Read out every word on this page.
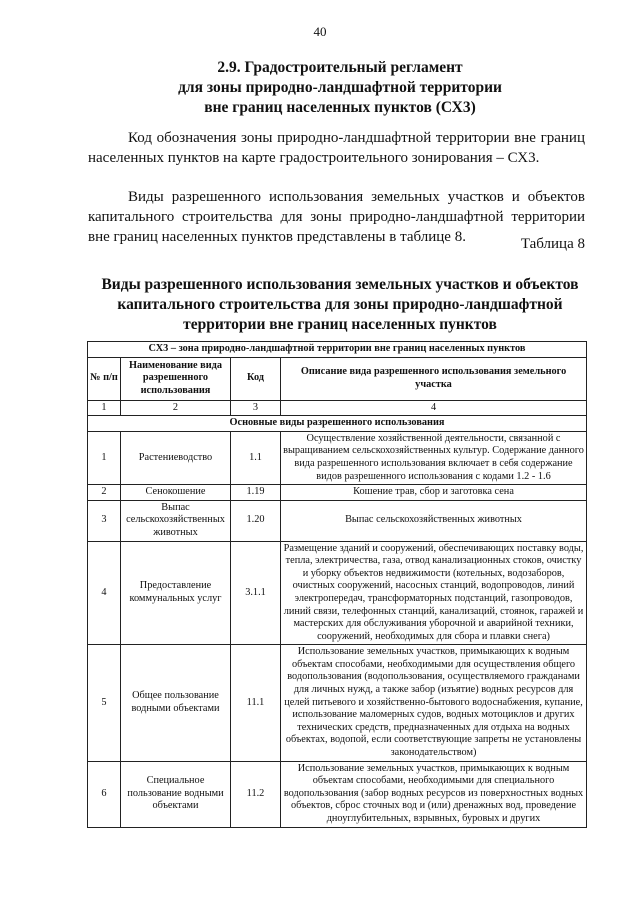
40
2.9. Градостроительный регламент
для зоны природно-ландшафтной территории
вне границ населенных пунктов (СХ3)
Код обозначения зоны природно-ландшафтной территории вне границ населенных пунктов на карте градостроительного зонирования – СХ3.
Виды разрешенного использования земельных участков и объектов капитального строительства для зоны природно-ландшафтной территории вне границ населенных пунктов представлены в таблице 8.	Таблица 8
Виды разрешенного использования земельных участков и объектов
капитального строительства для зоны природно-ландшафтной
территории вне границ населенных пунктов
СХ3 – зона природно-ландшафтной территории вне границ населенных пунктов			
№ п/п	Наименование вида разрешенного использования	Код	Описание вида разрешенного использования земельного участка
1	2	3	4
Основные виды разрешенного использования			
1	Растениеводство	1.1	Осуществление хозяйственной деятельности, связанной с выращиванием сельскохозяйственных культур. Содержание данного вида разрешенного использования включает в себя содержание видов разрешенного использования с кодами 1.2 - 1.6
2	Сенокошение	1.19	Кошение трав, сбор и заготовка сена
3	Выпас сельскохозяйственных животных	1.20	Выпас сельскохозяйственных животных
4	Предоставление коммунальных услуг	3.1.1	Размещение зданий и сооружений, обеспечивающих поставку воды, тепла, электричества, газа, отвод канализационных стоков, очистку и уборку объектов недвижимости (котельных, водозаборов, очистных сооружений, насосных станций, водопроводов, линий электропередач, трансформаторных подстанций, газопроводов, линий связи, телефонных станций, канализаций, стоянок, гаражей и мастерских для обслуживания уборочной и аварийной техники, сооружений, необходимых для сбора и плавки снега)
5	Общее пользование водными объектами	11.1	Использование земельных участков, примыкающих к водным объектам способами, необходимыми для осуществления общего водопользования (водопользования, осуществляемого гражданами для личных нужд, а также забор (изъятие) водных ресурсов для целей питьевого и хозяйственно-бытового водоснабжения, купание, использование маломерных судов, водных мотоциклов и других технических средств, предназначенных для отдыха на водных объектах, водопой, если соответствующие запреты не установлены законодательством)
6	Специальное пользование водными объектами	11.2	Использование земельных участков, примыкающих к водным объектам способами, необходимыми для специального водопользования (забор водных ресурсов из поверхностных водных объектов, сброс сточных вод и (или) дренажных вод, проведение дноуглубительных, взрывных, буровых и других
